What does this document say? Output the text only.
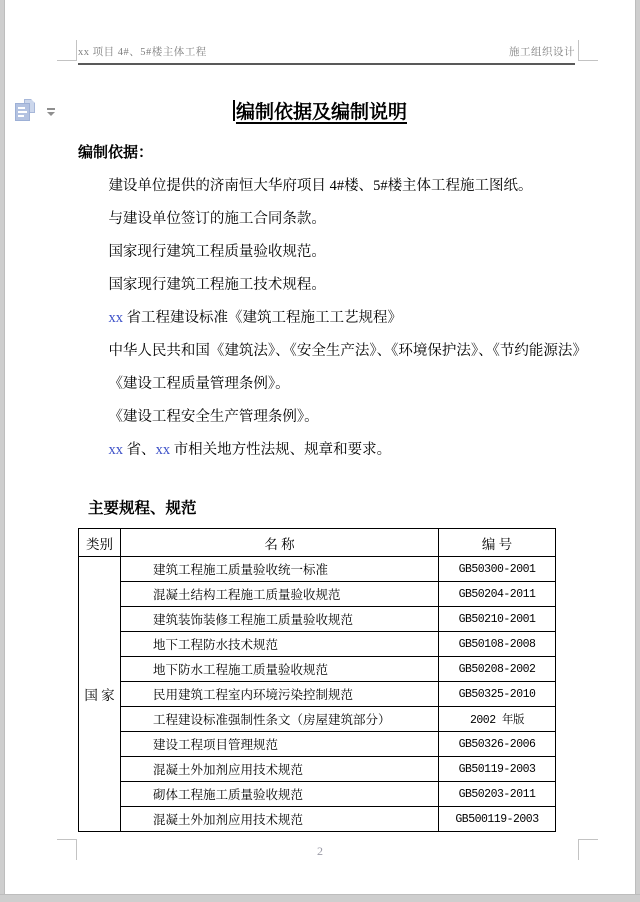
xx 项目 4#、5#楼主体工程	施工组织设计
编制依据及编制说明
编制依据：

建设单位提供的济南恒大华府项目 4#楼、5#楼主体工程施工图纸。

与建设单位签订的施工合同条款。

国家现行建筑工程质量验收规范。

国家现行建筑工程施工技术规程。

xx 省工程建设标准《建筑工程施工工艺规程》

中华人民共和国《建筑法》、《安全生产法》、《环境保护法》、《节约能源法》

《建设工程质量管理条例》。

《建设工程安全生产管理条例》。

xx 省、xx 市相关地方性法规、规章和要求。

主要规程、规范
类别	名 称	编 号
国 家	建筑工程施工质量验收统一标准	GB50300-2001
	混凝土结构工程施工质量验收规范	GB50204-2011
	建筑装饰装修工程施工质量验收规范	GB50210-2001
	地下工程防水技术规范	GB50108-2008
	地下防水工程施工质量验收规范	GB50208-2002
	民用建筑工程室内环境污染控制规范	GB50325-2010
	工程建设标准强制性条文（房屋建筑部分）	2002 年版
	建设工程项目管理规范	GB50326-2006
	混凝土外加剂应用技术规范	GB50119-2003
	砌体工程施工质量验收规范	GB50203-2011
	混凝土外加剂应用技术规范	GB500119-2003
2
